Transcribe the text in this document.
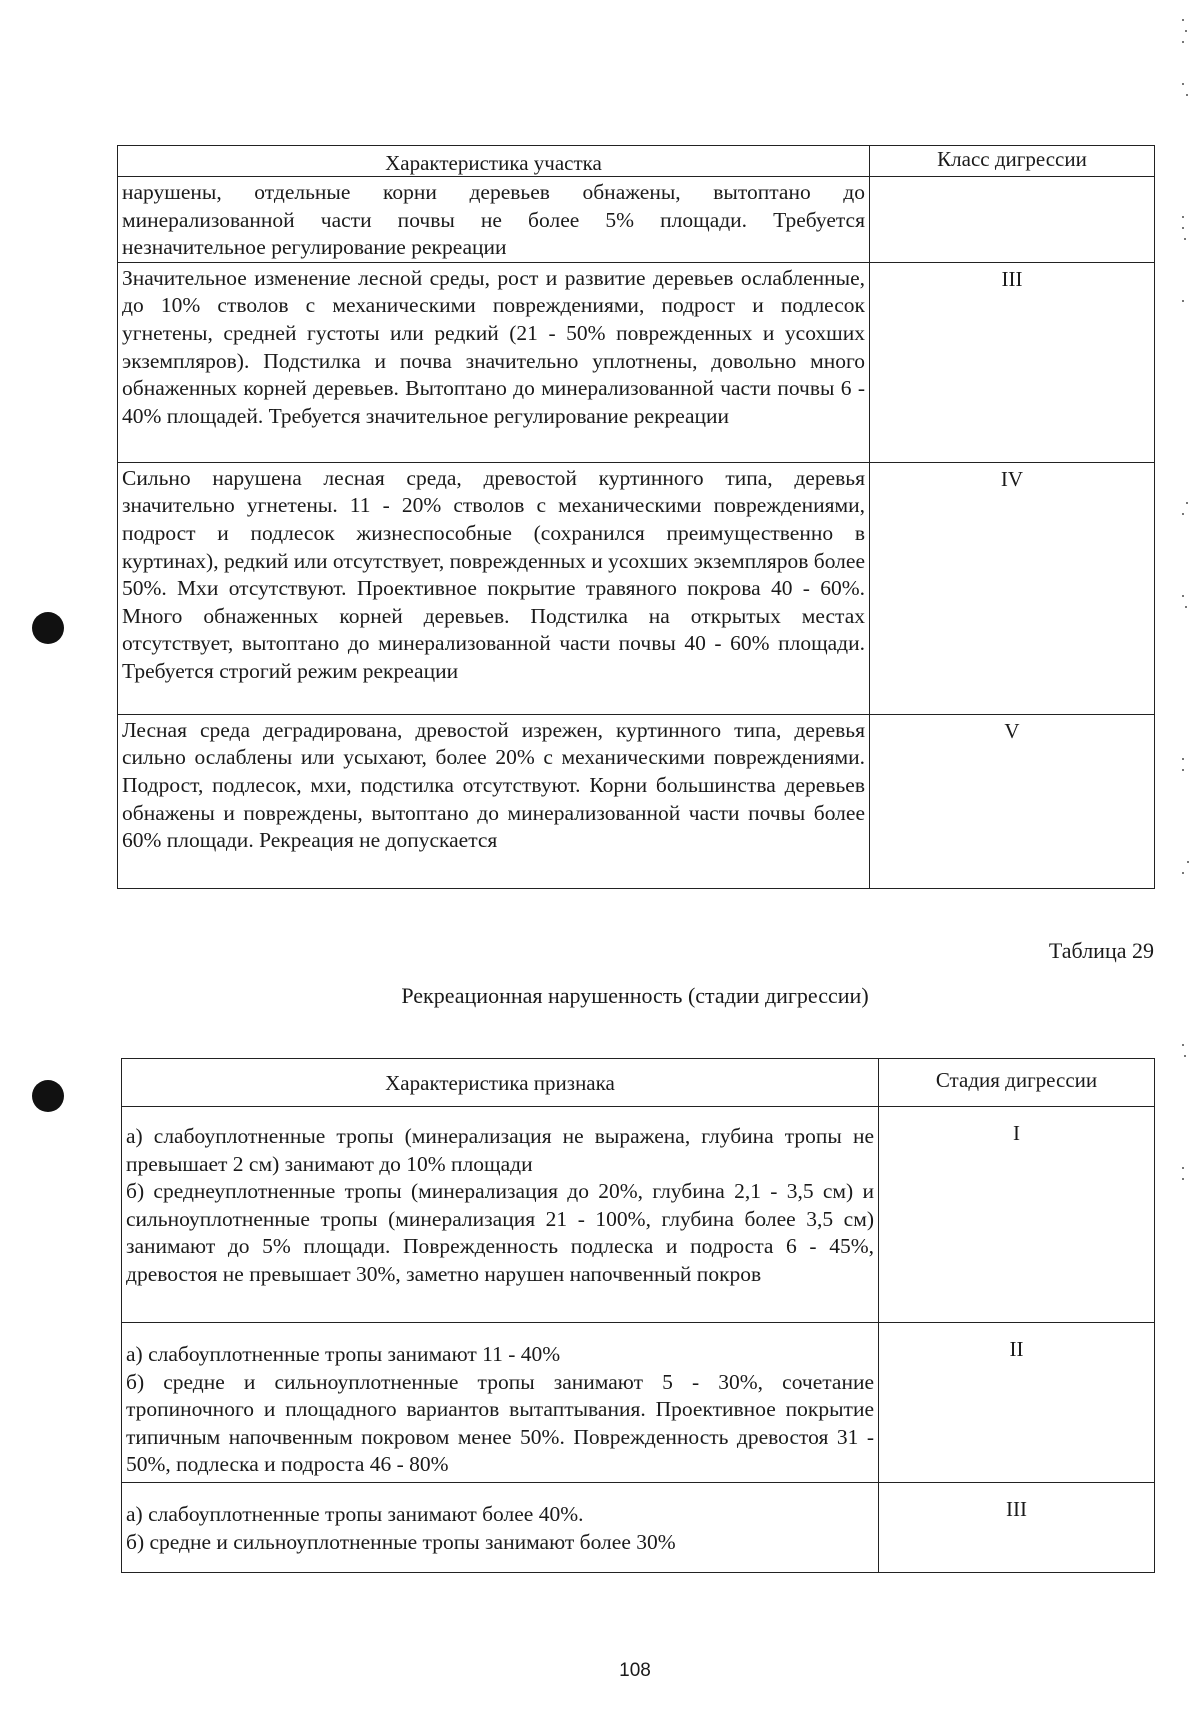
Характеристика участка	Класс дигрессии

нарушены, отдельные корни деревьев обнажены, вытоптано до минерализованной части почвы не более 5% площади. Требуется незначительное регулирование рекреации	

Значительное изменение лесной среды, рост и развитие деревьев ослабленные, до 10% стволов с механическими повреждениями, подрост и подлесок угнетены, средней густоты или редкий (21 - 50% поврежденных и усохших экземпляров). Подстилка и почва значительно уплотнены, довольно много обнаженных корней деревьев. Вытоптано до минерализованной части почвы 6 - 40% площадей. Требуется значительное регулирование рекреации	III

Сильно нарушена лесная среда, древостой куртинного типа, деревья значительно угнетены. 11 - 20% стволов с механическими повреждениями, подрост и подлесок жизнеспособные (сохранился преимущественно в куртинах), редкий или отсутствует, поврежденных и усохших экземпляров более 50%. Мхи отсутствуют. Проективное покрытие травяного покрова 40 - 60%. Много обнаженных корней деревьев. Подстилка на открытых местах отсутствует, вытоптано до минерализованной части почвы 40 - 60% площади. Требуется строгий режим рекреации	IV

Лесная среда деградирована, древостой изрежен, куртинного типа, деревья сильно ослаблены или усыхают, более 20% с механическими повреждениями. Подрост, подлесок, мхи, подстилка отсутствуют. Корни большинства деревьев обнажены и повреждены, вытоптано до минерализованной части почвы более 60% площади. Рекреация не допускается	V
Таблица 29
Рекреационная нарушенность (стадии дигрессии)
Характеристика признака	Стадия дигрессии

а) слабоуплотненные тропы (минерализация не выражена, глубина тропы не превышает 2 см) занимают до 10% площади
б) среднеуплотненные тропы (минерализация до 20%, глубина 2,1 - 3,5 см) и сильноуплотненные тропы (минерализация 21 - 100%, глубина более 3,5 см) занимают до 5% площади. Поврежденность подлеска и подроста 6 - 45%, древостоя не превышает 30%, заметно нарушен напочвенный покров	I

а) слабоуплотненные тропы занимают 11 - 40%
б) средне и сильноуплотненные тропы занимают 5 - 30%, сочетание тропиночного и площадного вариантов вытаптывания. Проективное покрытие типичным напочвенным покровом менее 50%. Поврежденность древостоя 31 - 50%, подлеска и подроста 46 - 80%	II

а) слабоуплотненные тропы занимают более 40%.
б) средне и сильноуплотненные тропы занимают более 30%	III
108
